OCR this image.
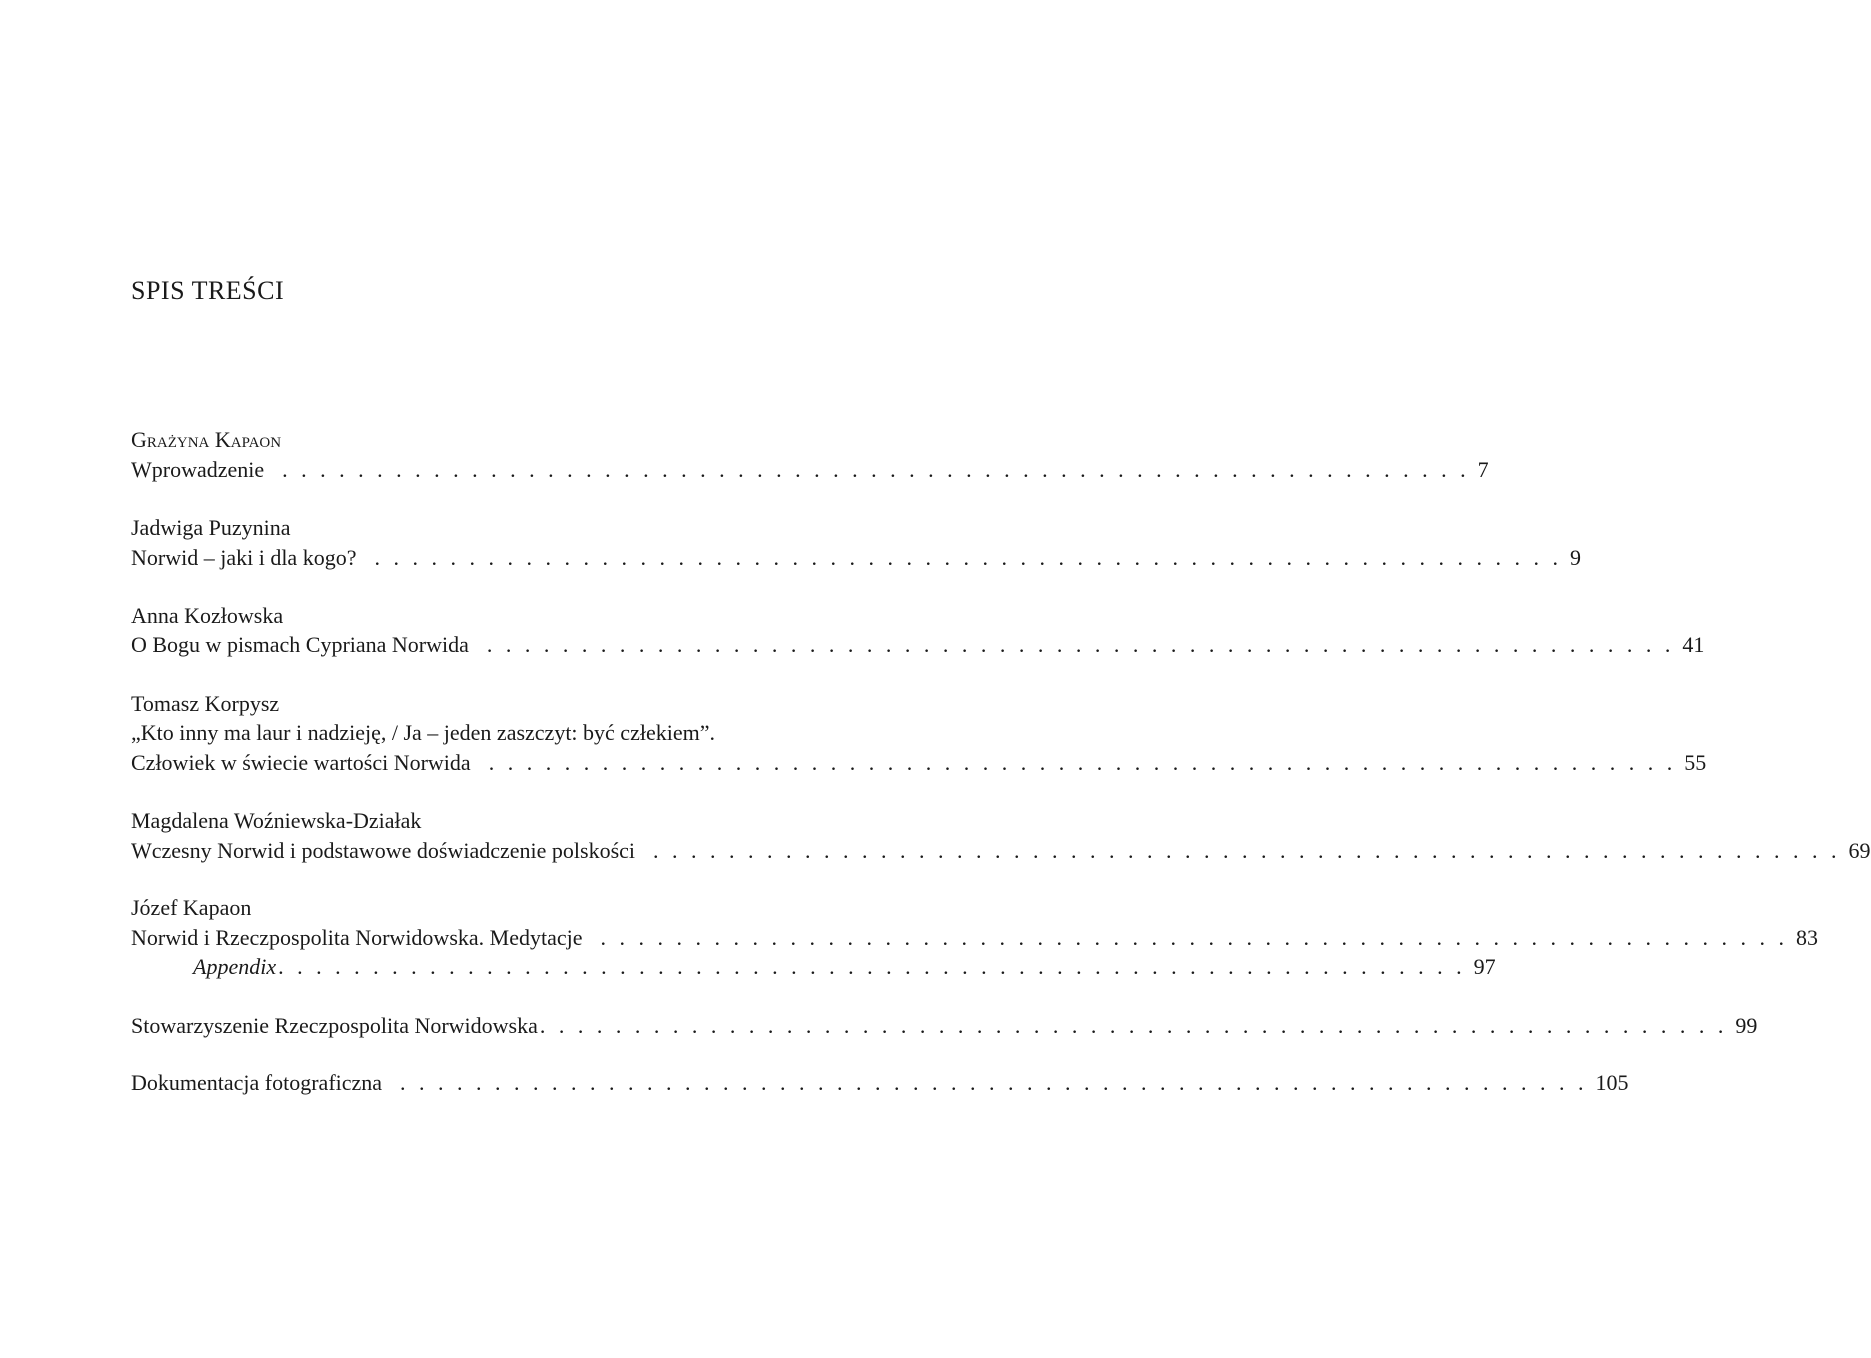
SPIS TREŚCI
Grażyna Kapaon
Wprowadzenie . . . . . . . . . . . . . . . . . . . . . . . . . . . . . . . . . . . . . . . . . . . . . . . . . . . . . . . . . . . . . . . 7
Jadwiga Puzynina
Norwid – jaki i dla kogo? . . . . . . . . . . . . . . . . . . . . . . . . . . . . . . . . . . . . . . . . . . . . . . . . . . . . . . . . . . . . . . . 9
Anna Kozłowska
O Bogu w pismach Cypriana Norwida . . . . . . . . . . . . . . . . . . . . . . . . . . . . . . . . . . . . . . . . . . . . . . . . . . . . . . . . . . . . . . . 41
Tomasz Korpysz
„Kto inny ma laur i nadzieję, / Ja – jeden zaszczyt: być człekiem”.
Człowiek w świecie wartości Norwida . . . . . . . . . . . . . . . . . . . . . . . . . . . . . . . . . . . . . . . . . . . . . . . . . . . . . . . . . . . . . . . 55
Magdalena Woźniewska-Działak
Wczesny Norwid i podstawowe doświadczenie polskości . . . . . . . . . . . . . . . . . . . . . . . . . . . . . . . . . . . . . . . . . . . . . . . . . . . . . . . . . . . . . . . 69
Józef Kapaon
Norwid i Rzeczpospolita Norwidowska. Medytacje . . . . . . . . . . . . . . . . . . . . . . . . . . . . . . . . . . . . . . . . . . . . . . . . . . . . . . . . . . . . . . . 83
Appendix . . . . . . . . . . . . . . . . . . . . . . . . . . . . . . . . . . . . . . . . . . . . . . . . . . . . . . . . . . . . . . . 97
Stowarzyszenie Rzeczpospolita Norwidowska . . . . . . . . . . . . . . . . . . . . . . . . . . . . . . . . . . . . . . . . . . . . . . . . . . . . . . . . . . . . . . . 99
Dokumentacja fotograficzna . . . . . . . . . . . . . . . . . . . . . . . . . . . . . . . . . . . . . . . . . . . . . . . . . . . . . . . . . . . . . . . 105
